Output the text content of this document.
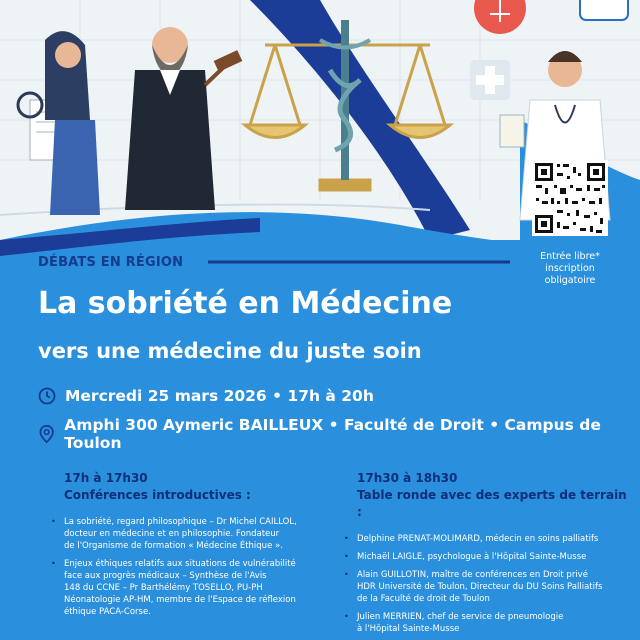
Entrée libre*
inscription
obligatoire
DÉBATS EN RÉGION
La sobriété en Médecine
vers une médecine du juste soin
Mercredi 25 mars 2026 • 17h à 20h
Amphi 300 Aymeric BAILLEUX • Faculté de Droit • Campus de Toulon
17h à 17h30
Conférences introductives :
• La sobriété, regard philosophique – Dr Michel CAILLOL,
docteur en médecine et en philosophie. Fondateur
de l'Organisme de formation « Médecine Éthique ».
• Enjeux éthiques relatifs aux situations de vulnérabilité
face aux progrès médicaux – Synthèse de l'Avis
148 du CCNE – Pr Barthélémy TOSELLO, PU-PH
Néonatologie AP-HM, membre de l'Espace de réflexion
éthique PACA-Corse.
17h30 à 18h30
Table ronde avec des experts de terrain :
• Delphine PRENAT-MOLIMARD, médecin en soins palliatifs
• Michaël LAIGLE, psychologue à l'Hôpital Sainte-Musse
• Alain GUILLOTIN, maître de conférences en Droit privé
HDR Université de Toulon, Directeur du DU Soins Palliatifs
de la Faculté de droit de Toulon
• Julien MERRIEN, chef de service de pneumologie
à l'Hôpital Sainte-Musse
